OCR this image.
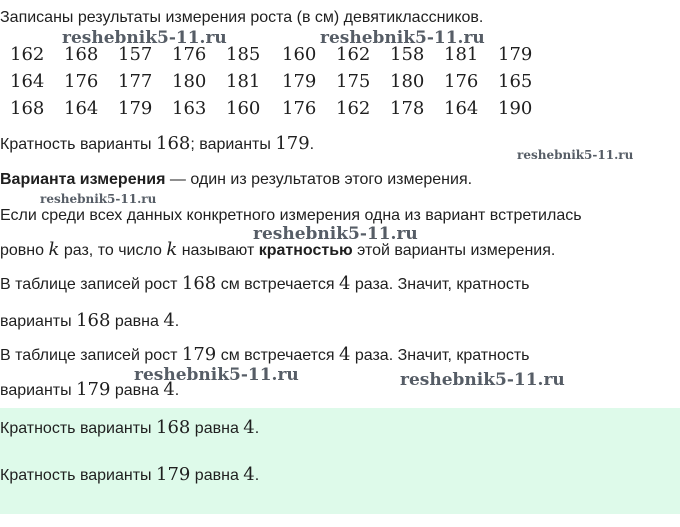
Записаны результаты измерения роста (в см) девятиклассников.
162	168	157	176	185	160	162	158	181	179
164	176	177	180	181	179	175	180	176	165
168	164	179	163	160	176	162	178	164	190
Кратность варианты 168; варианты 179.
Варианта измерения — один из результатов этого измерения.
Если среди всех данных конкретного измерения одна из вариант встретилась
ровно k раз, то число k называют кратностью этой варианты измерения.
В таблице записей рост 168 см встречается 4 раза. Значит, кратность
варианты 168 равна 4.
В таблице записей рост 179 см встречается 4 раза. Значит, кратность
варианты 179 равна 4.
Кратность варианты 168 равна 4.
Кратность варианты 179 равна 4.
reshebnik5-11.ru	reshebnik5-11.ru
reshebnik5-11.ru
reshebnik5-11.ru
reshebnik5-11.ru
reshebnik5-11.ru	reshebnik5-11.ru
